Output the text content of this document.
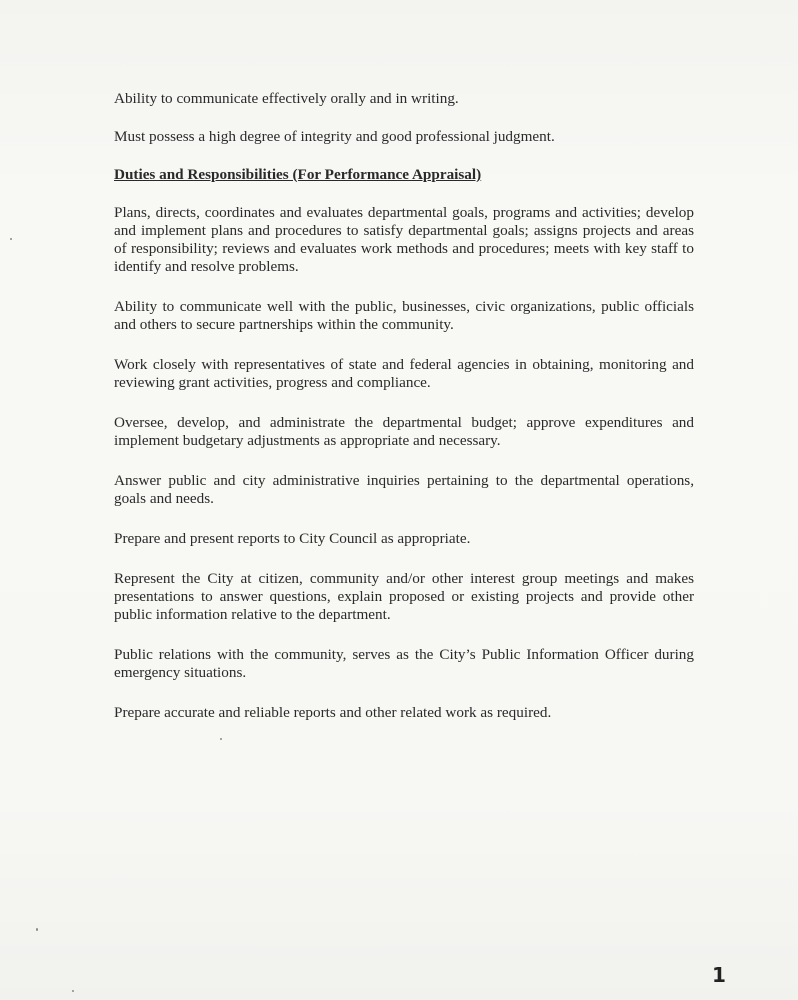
Ability to communicate effectively orally and in writing.

Must possess a high degree of integrity and good professional judgment.

Duties and Responsibilities (For Performance Appraisal)

Plans, directs, coordinates and evaluates departmental goals, programs and activities; develop and implement plans and procedures to satisfy departmental goals; assigns projects and areas of responsibility; reviews and evaluates work methods and procedures; meets with key staff to identify and resolve problems.

Ability to communicate well with the public, businesses, civic organizations, public officials and others to secure partnerships within the community.

Work closely with representatives of state and federal agencies in obtaining, monitoring and reviewing grant activities, progress and compliance.

Oversee, develop, and administrate the departmental budget; approve expenditures and implement budgetary adjustments as appropriate and necessary.

Answer public and city administrative inquiries pertaining to the departmental operations, goals and needs.

Prepare and present reports to City Council as appropriate.

Represent the City at citizen, community and/or other interest group meetings and makes presentations to answer questions, explain proposed or existing projects and provide other public information relative to the department.

Public relations with the community, serves as the City’s Public Information Officer during emergency situations.

Prepare accurate and reliable reports and other related work as required.

1
